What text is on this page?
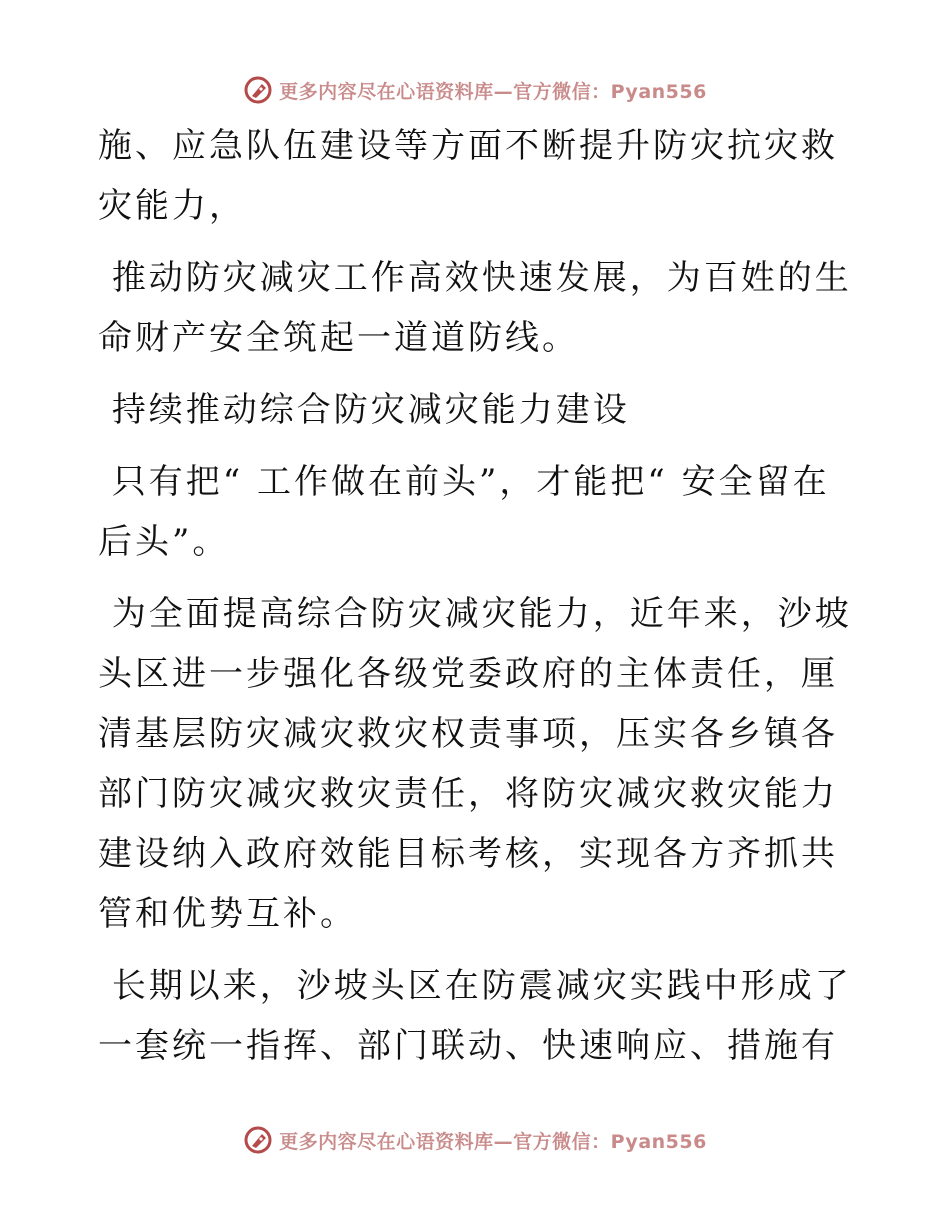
更多内容尽在心语资料库—官方微信：Pyan556

施、应急队伍建设等方面不断提升防灾抗灾救灾能力，

推动防灾减灾工作高效快速发展，为百姓的生命财产安全筑起一道道防线。

持续推动综合防灾减灾能力建设

只有把“ 工作做在前头”，才能把“ 安全留在后头”。

为全面提高综合防灾减灾能力，近年来，沙坡头区进一步强化各级党委政府的主体责任，厘清基层防灾减灾救灾权责事项，压实各乡镇各部门防灾减灾救灾责任，将防灾减灾救灾能力建设纳入政府效能目标考核，实现各方齐抓共管和优势互补。

长期以来，沙坡头区在防震减灾实践中形成了一套统一指挥、部门联动、快速响应、措施有

更多内容尽在心语资料库—官方微信：Pyan556
